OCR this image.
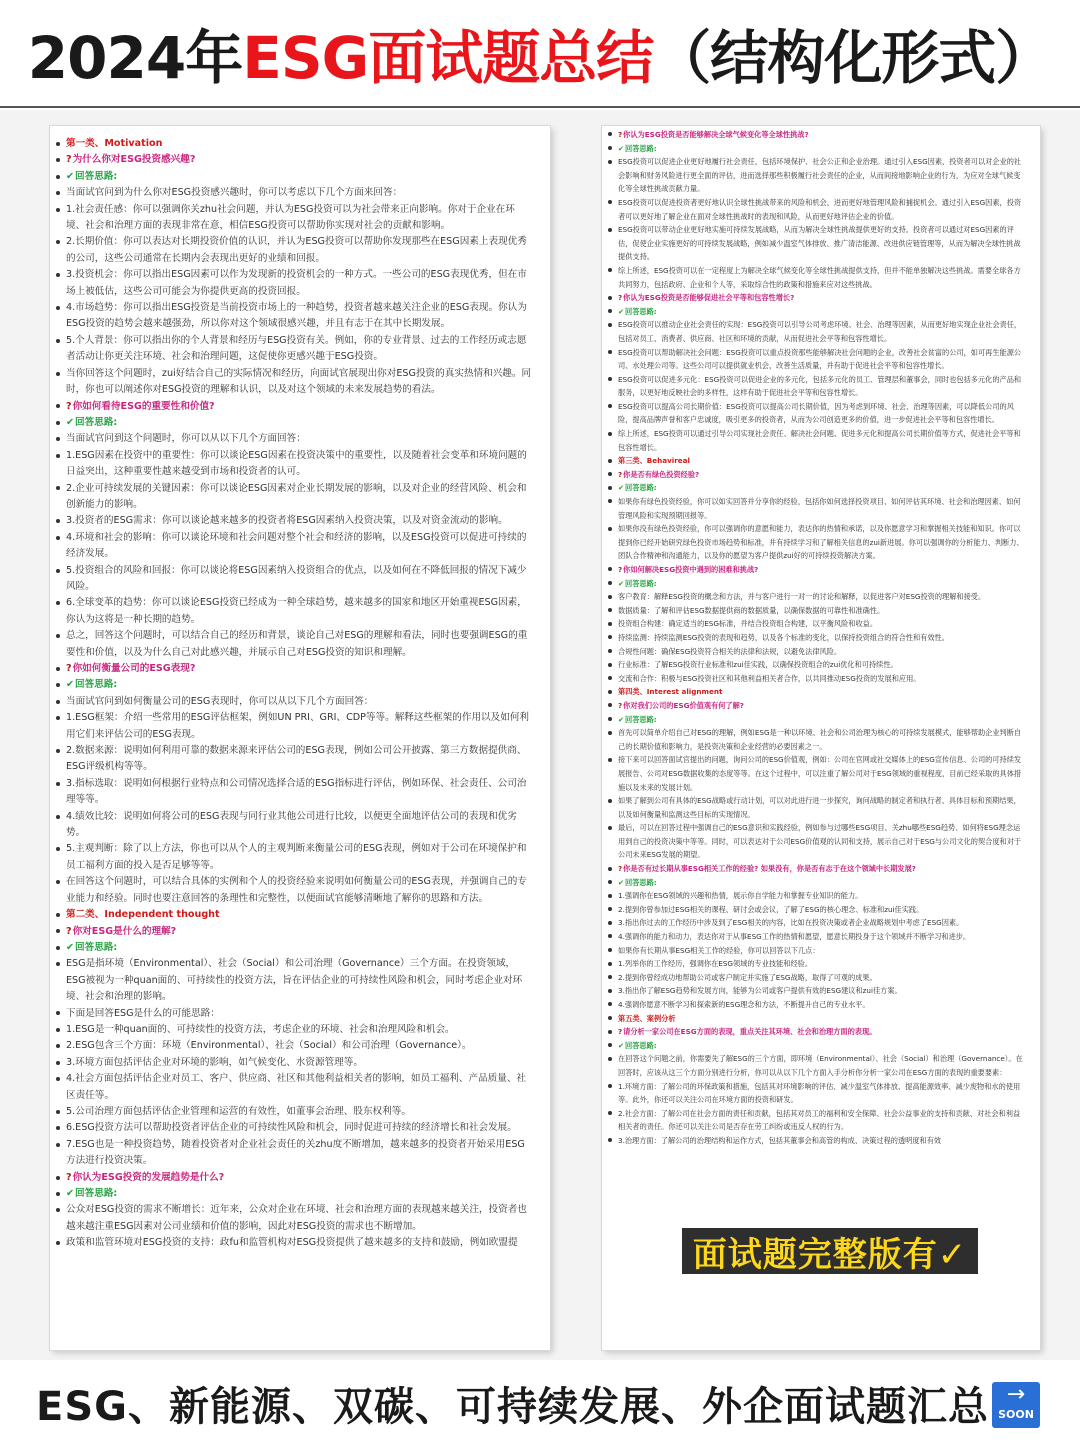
2024年 ESG面试题总结 （结构化形式）
第一类、Motivation
?为什么你对ESG投资感兴趣?
✔回答思路:
当面试官问到为什么你对ESG投资感兴趣时，你可以考虑以下几个方面来回答：
1.社会责任感：你可以强调你关zhu社会问题，并认为ESG投资可以为社会带来正向影响。你对于企业在环境、社会和治理方面的表现非常在意，相信ESG投资可以帮助你实现对社会的贡献和影响。
2.长期价值：你可以表达对长期投资价值的认识，并认为ESG投资可以帮助你发现那些在ESG因素上表现优秀的公司，这些公司通常在长期内会表现出更好的业绩和回报。
3.投资机会：你可以指出ESG因素可以作为发现新的投资机会的一种方式。一些公司的ESG表现优秀，但在市场上被低估，这些公司可能会为你提供更高的投资回报。
4.市场趋势：你可以指出ESG投资是当前投资市场上的一种趋势，投资者越来越关注企业的ESG表现。你认为ESG投资的趋势会越来越强劲，所以你对这个领域很感兴趣，并且有志于在其中长期发展。
5.个人背景：你可以指出你的个人背景和经历与ESG投资有关。例如，你的专业背景、过去的工作经历或志愿者活动让你更关注环境、社会和治理问题，这促使你更感兴趣于ESG投资。
当你回答这个问题时，zui好结合自己的实际情况和经历，向面试官展现出你对ESG投资的真实热情和兴趣。同时，你也可以阐述你对ESG投资的理解和认识，以及对这个领域的未来发展趋势的看法。
?你如何看待ESG的重要性和价值?
✔回答思路:
当面试官问到这个问题时，你可以从以下几个方面回答：
1.ESG因素在投资中的重要性：你可以谈论ESG因素在投资决策中的重要性，以及随着社会变革和环境问题的日益突出，这种重要性越来越受到市场和投资者的认可。
2.企业可持续发展的关键因素：你可以谈论ESG因素对企业长期发展的影响，以及对企业的经营风险、机会和创新能力的影响。
3.投资者的ESG需求：你可以谈论越来越多的投资者将ESG因素纳入投资决策，以及对资金流动的影响。
4.环境和社会的影响：你可以谈论环境和社会问题对整个社会和经济的影响，以及ESG投资可以促进可持续的经济发展。
5.投资组合的风险和回报：你可以谈论将ESG因素纳入投资组合的优点，以及如何在不降低回报的情况下减少风险。
6.全球变革的趋势：你可以谈论ESG投资已经成为一种全球趋势，越来越多的国家和地区开始重视ESG因素，你认为这将是一种长期的趋势。
总之，回答这个问题时，可以结合自己的经历和背景，谈论自己对ESG的理解和看法，同时也要强调ESG的重要性和价值，以及为什么自己对此感兴趣，并展示自己对ESG投资的知识和理解。
?你如何衡量公司的ESG表现?
✔回答思路:
当面试官问到如何衡量公司的ESG表现时，你可以从以下几个方面回答：
1.ESG框架：介绍一些常用的ESG评估框架，例如UN PRI、GRI、CDP等等。解释这些框架的作用以及如何利用它们来评估公司的ESG表现。
2.数据来源：说明如何利用可靠的数据来源来评估公司的ESG表现，例如公司公开披露、第三方数据提供商、ESG评级机构等等。
3.指标选取：说明如何根据行业特点和公司情况选择合适的ESG指标进行评估，例如环保、社会责任、公司治理等等。
4.绩效比较：说明如何将公司的ESG表现与同行业其他公司进行比较，以便更全面地评估公司的表现和优劣势。
5.主观判断：除了以上方法，你也可以从个人的主观判断来衡量公司的ESG表现，例如对于公司在环境保护和员工福利方面的投入是否足够等等。
在回答这个问题时，可以结合具体的实例和个人的投资经验来说明如何衡量公司的ESG表现，并强调自己的专业能力和经验。同时也要注意回答的条理性和完整性，以便面试官能够清晰地了解你的思路和方法。
第二类、Independent thought
?你对ESG是什么的理解?
✔回答思路:
ESG是指环境（Environmental）、社会（Social）和公司治理（Governance）三个方面。在投资领域，ESG被视为一种quan面的、可持续性的投资方法，旨在评估企业的可持续性风险和机会，同时考虑企业对环境、社会和治理的影响。
下面是回答ESG是什么的可能思路：
1.ESG是一种quan面的、可持续性的投资方法，考虑企业的环境、社会和治理风险和机会。
2.ESG包含三个方面：环境（Environmental）、社会（Social）和公司治理（Governance）。
3.环境方面包括评估企业对环境的影响，如气候变化、水资源管理等。
4.社会方面包括评估企业对员工、客户、供应商、社区和其他利益相关者的影响，如员工福利、产品质量、社区责任等。
5.公司治理方面包括评估企业管理和运营的有效性，如董事会治理、股东权利等。
6.ESG投资方法可以帮助投资者评估企业的可持续性风险和机会，同时促进可持续的经济增长和社会发展。
7.ESG也是一种投资趋势，随着投资者对企业社会责任的关zhu度不断增加，越来越多的投资者开始采用ESG方法进行投资决策。
?你认为ESG投资的发展趋势是什么?
✔回答思路:
公众对ESG投资的需求不断增长：近年来，公众对企业在环境、社会和治理方面的表现越来越关注，投资者也越来越注重ESG因素对公司业绩和价值的影响，因此对ESG投资的需求也不断增加。
政策和监管环境对ESG投资的支持：政fu和监管机构对ESG投资提供了越来越多的支持和鼓励，例如欧盟提
?你认为ESG投资是否能够解决全球气候变化等全球性挑战?
✔回答思路:
ESG投资可以促进企业更好地履行社会责任，包括环境保护、社会公正和企业治理。通过引入ESG因素，投资者可以对企业的社会影响和财务风险进行更全面的评估，进而选择那些积极履行社会责任的企业，从而间接地影响企业的行为，为应对全球气候变化等全球性挑战贡献力量。
ESG投资可以促进投资者更好地认识全球性挑战带来的风险和机会，进而更好地管理风险和捕捉机会。通过引入ESG因素，投资者可以更好地了解企业在面对全球性挑战时的表现和风险，从而更好地评估企业的价值。
ESG投资可以带动企业更好地实施可持续发展战略，从而为解决全球性挑战提供更好的支持。投资者可以通过对ESG因素的评估，促使企业实施更好的可持续发展战略，例如减少温室气体排放、推广清洁能源、改进供应链管理等，从而为解决全球性挑战提供支持。
综上所述，ESG投资可以在一定程度上为解决全球气候变化等全球性挑战提供支持，但并不能单独解决这些挑战。需要全球各方共同努力，包括政府、企业和个人等，采取综合性的政策和措施来应对这些挑战。
?你认为ESG投资是否能够促进社会平等和包容性增长?
✔回答思路:
ESG投资可以推动企业社会责任的实现：ESG投资可以引导公司考虑环境、社会、治理等因素，从而更好地实现企业社会责任，包括对员工、消费者、供应商、社区和环境的贡献，从而促进社会平等和包容性增长。
ESG投资可以帮助解决社会问题：ESG投资可以重点投资那些能够解决社会问题的企业，改善社会贫富的公司，如可再生能源公司、水处理公司等。这些公司可以提供就业机会，改善生活质量，并有助于促进社会平等和包容性增长。
ESG投资可以促进多元化：ESG投资可以促进企业的多元化，包括多元化的员工、管理层和董事会，同时也包括多元化的产品和服务，以更好地反映社会的多样性，这样有助于促进社会平等和包容性增长。
ESG投资可以提高公司长期价值：ESG投资可以提高公司长期价值，因为考虑到环境、社会、治理等因素，可以降低公司的风险，提高品牌声誉和客户忠诚度，吸引更多的投资者，从而为公司创造更多的价值，进一步促进社会平等和包容性增长。
综上所述，ESG投资可以通过引导公司实现社会责任、解决社会问题、促进多元化和提高公司长期价值等方式，促进社会平等和包容性增长。
第三类、Behavireal
?你是否有绿色投资经验?
✔回答思路:
如果你有绿色投资经验，你可以如实回答并分享你的经验，包括你如何选择投资项目、如何评估其环境、社会和治理因素、如何管理风险和实现预期回报等。
如果你没有绿色投资经验，你可以强调你的意愿和能力，表达你的热情和承诺，以及你愿意学习和掌握相关技能和知识。你可以提到你已经开始研究绿色投资市场趋势和标准，并有持续学习和了解相关信息的zui新进展。你可以强调你的分析能力、判断力、团队合作精神和沟通能力，以及你的愿望为客户提供zui好的可持续投资解决方案。
?你如何解决ESG投资中遇到的困难和挑战?
✔回答思路:
客户教育：解释ESG投资的概念和方法，并与客户进行一对一的讨论和解释，以促进客户对ESG投资的理解和接受。
数据质量：了解和评估ESG数据提供商的数据质量，以确保数据的可靠性和准确性。
投资组合构建：确定适当的ESG标准，并结合投资组合构建，以平衡风险和收益。
持续监测：持续监测ESG投资的表现和趋势，以及各个标准的变化，以保持投资组合的符合性和有效性。
合规性问题：确保ESG投资符合相关的法律和法规，以避免法律风险。
行业标准：了解ESG投资行业标准和zui佳实践，以确保投资组合的zui优化和可持续性。
交流和合作：积极与ESG投资社区和其他利益相关者合作，以共同推动ESG投资的发展和应用。
第四类、Interest alignment
?你对我们公司的ESG价值观有何了解?
✔回答思路:
首先可以简单介绍自己对ESG的理解，例如ESG是一种以环境、社会和公司治理为核心的可持续发展模式，能够帮助企业判断自己的长期价值和影响力，是投资决策和企业经营的必要因素之一。
接下来可以回答面试官提出的问题，询问公司的ESG价值观，例如：公司在官网或社交媒体上的ESG宣传信息、公司的可持续发展报告、公司对ESG数据收集的态度等等。在这个过程中，可以注重了解公司对于ESG领域的重视程度，目前已经采取的具体措施以及未来的发展计划。
如果了解到公司有具体的ESG战略或行动计划，可以对此进行进一步探究，询问战略的制定者和执行者、具体目标和预期结果，以及如何衡量和监测这些目标的实现情况。
最后，可以在回答过程中强调自己的ESG意识和实践经验，例如参与过哪些ESG项目、关zhu哪些ESG趋势、如何将ESG理念运用到自己的投资决策中等等。同时，可以表达对于公司ESG价值观的认同和支持，展示自己对于ESG与公司文化的契合度和对于公司未来ESG发展的期望。
?你是否有过长期从事ESG相关工作的经验? 如果没有，你是否有志于在这个领域中长期发展?
✔回答思路:
1.强调你在ESG领域的兴趣和热情，展示你自学能力和掌握专业知识的能力。
2.提到你曾参加过ESG相关的课程、研讨会或会议，了解了ESG的核心理念、标准和zui佳实践。
3.指出你过去的工作经历中涉及到了ESG相关的内容，比如在投资决策或者企业战略规划中考虑了ESG因素。
4.强调你的能力和动力，表达你对于从事ESG工作的热情和愿望，愿意长期投身于这个领域并不断学习和进步。
如果你有长期从事ESG相关工作的经验，你可以回答以下几点：
1.列举你的工作经历，强调你在ESG领域的专业技能和经验。
2.提到你曾经成功地帮助公司或客户制定并实施了ESG战略，取得了可观的成果。
3.指出你了解ESG趋势和发展方向，能够为公司或客户提供有效的ESG建议和zui佳方案。
4.强调你愿意不断学习和探索新的ESG理念和方法，不断提升自己的专业水平。
第五类、案例分析
?请分析一家公司在ESG方面的表现，重点关注其环境、社会和治理方面的表现。
✔回答思路:
在回答这个问题之前，你需要先了解ESG的三个方面，即环境（Environmental）、社会（Social）和治理（Governance）。在回答时，应该从这三个方面分别进行分析，你可以从以下几个方面入手分析你分析一家公司在ESG方面的表现的重要要素：
1.环境方面：了解公司的环保政策和措施，包括其对环境影响的评估、减少温室气体排放、提高能源效率、减少废物和水的使用等。此外，你还可以关注公司在环境方面的投资和研发。
2.社会方面：了解公司在社会方面的责任和贡献，包括其对员工的福利和安全保障、社会公益事业的支持和贡献、对社会和利益相关者的责任。你还可以关注公司是否存在劳工纠纷或违反人权的行为。
3.治理方面：了解公司的治理结构和运作方式，包括其董事会和高管的构成、决策过程的透明度和有效
面试题完整版有✓
ESG、新能源、双碳、可持续发展、外企面试题汇总 →
SOON
